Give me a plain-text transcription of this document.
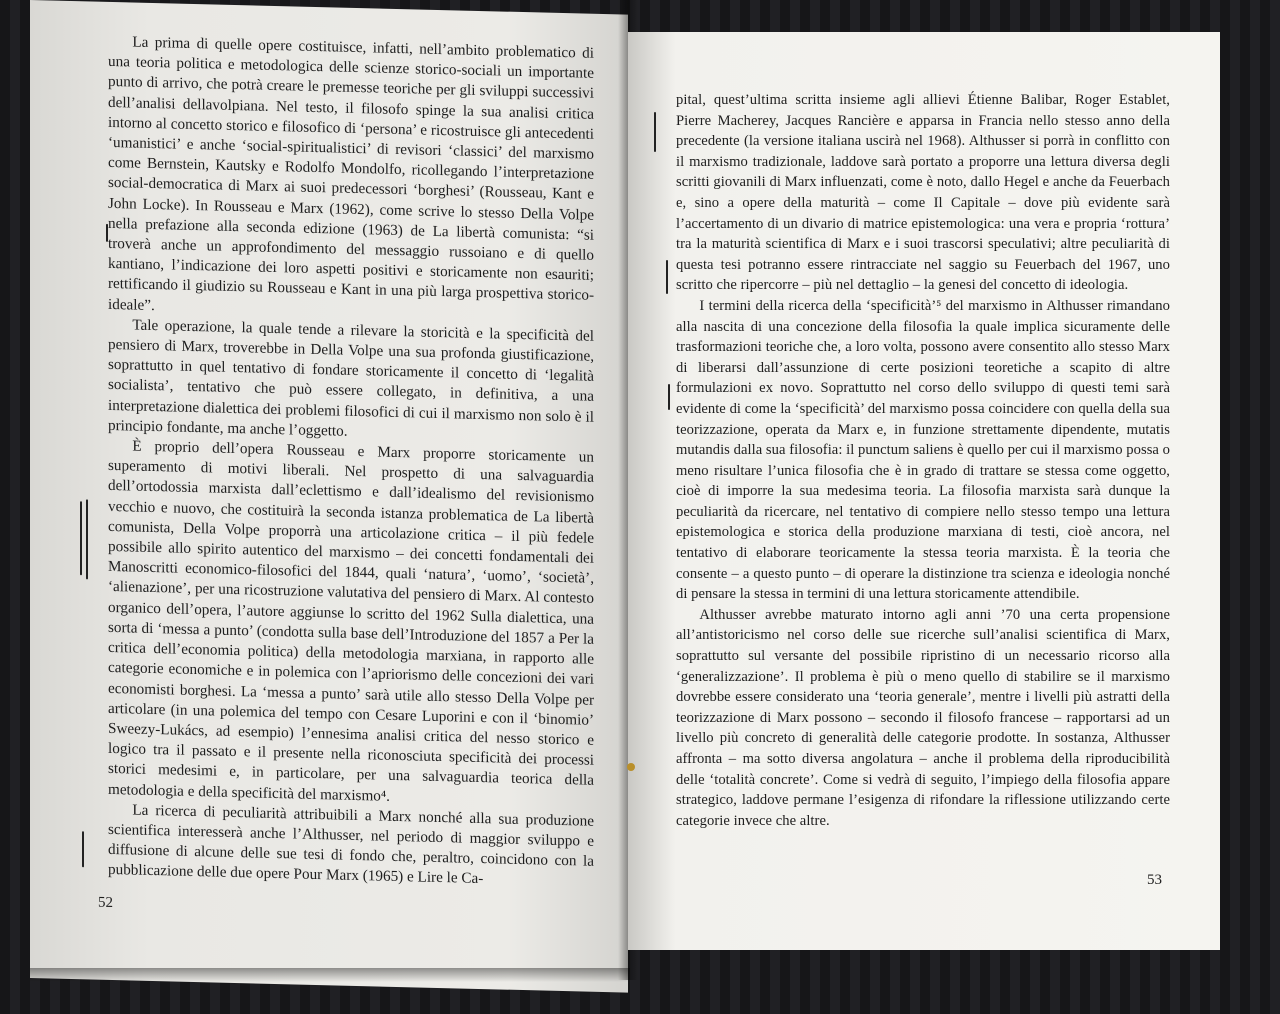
La prima di quelle opere costituisce, infatti, nell’ambito problematico di una teoria politica e metodologica delle scienze storico-sociali un importante punto di arrivo, che potrà creare le premesse teoriche per gli sviluppi successivi dell’analisi dellavolpiana. Nel testo, il filosofo spinge la sua analisi critica intorno al concetto storico e filosofico di ‘persona’ e ricostruisce gli antecedenti ‘umanistici’ e anche ‘social-spiritualistici’ di revisori ‘classici’ del marxismo come Bernstein, Kautsky e Rodolfo Mondolfo, ricollegando l’interpretazione social-democratica di Marx ai suoi predecessori ‘borghesi’ (Rousseau, Kant e John Locke). In Rousseau e Marx (1962), come scrive lo stesso Della Volpe nella prefazione alla seconda edizione (1963) de La libertà comunista: “si troverà anche un approfondimento del messaggio russoiano e di quello kantiano, l’indicazione dei loro aspetti positivi e storicamente non esauriti; rettificando il giudizio su Rousseau e Kant in una più larga prospettiva storico-ideale”.

Tale operazione, la quale tende a rilevare la storicità e la specificità del pensiero di Marx, troverebbe in Della Volpe una sua profonda giustificazione, soprattutto in quel tentativo di fondare storicamente il concetto di ‘legalità socialista’, tentativo che può essere collegato, in definitiva, a una interpretazione dialettica dei problemi filosofici di cui il marxismo non solo è il principio fondante, ma anche l’oggetto.

È proprio dell’opera Rousseau e Marx proporre storicamente un superamento di motivi liberali. Nel prospetto di una salvaguardia dell’ortodossia marxista dall’eclettismo e dall’idealismo del revisionismo vecchio e nuovo, che costituirà la seconda istanza problematica de La libertà comunista, Della Volpe proporrà una articolazione critica – il più fedele possibile allo spirito autentico del marxismo – dei concetti fondamentali dei Manoscritti economico-filosofici del 1844, quali ‘natura’, ‘uomo’, ‘società’, ‘alienazione’, per una ricostruzione valutativa del pensiero di Marx. Al contesto organico dell’opera, l’autore aggiunse lo scritto del 1962 Sulla dialettica, una sorta di ‘messa a punto’ (condotta sulla base dell’Introduzione del 1857 a Per la critica dell’economia politica) della metodologia marxiana, in rapporto alle categorie economiche e in polemica con l’apriorismo delle concezioni dei vari economisti borghesi. La ‘messa a punto’ sarà utile allo stesso Della Volpe per articolare (in una polemica del tempo con Cesare Luporini e con il ‘binomio’ Sweezy-Lukács, ad esempio) l’ennesima analisi critica del nesso storico e logico tra il passato e il presente nella riconosciuta specificità dei processi storici medesimi e, in particolare, per una salvaguardia teorica della metodologia e della specificità del marxismo⁴.

La ricerca di peculiarità attribuibili a Marx nonché alla sua produzione scientifica interesserà anche l’Althusser, nel periodo di maggior sviluppo e diffusione di alcune delle sue tesi di fondo che, peraltro, coincidono con la pubblicazione delle due opere Pour Marx (1965) e Lire le Ca-

52

pital, quest’ultima scritta insieme agli allievi Étienne Balibar, Roger Establet, Pierre Macherey, Jacques Rancière e apparsa in Francia nello stesso anno della precedente (la versione italiana uscirà nel 1968). Althusser si porrà in conflitto con il marxismo tradizionale, laddove sarà portato a proporre una lettura diversa degli scritti giovanili di Marx influenzati, come è noto, dallo Hegel e anche da Feuerbach e, sino a opere della maturità – come Il Capitale – dove più evidente sarà l’accertamento di un divario di matrice epistemologica: una vera e propria ‘rottura’ tra la maturità scientifica di Marx e i suoi trascorsi speculativi; altre peculiarità di questa tesi potranno essere rintracciate nel saggio su Feuerbach del 1967, uno scritto che ripercorre – più nel dettaglio – la genesi del concetto di ideologia.

I termini della ricerca della ‘specificità’⁵ del marxismo in Althusser rimandano alla nascita di una concezione della filosofia la quale implica sicuramente delle trasformazioni teoriche che, a loro volta, possono avere consentito allo stesso Marx di liberarsi dall’assunzione di certe posizioni teoretiche a scapito di altre formulazioni ex novo. Soprattutto nel corso dello sviluppo di questi temi sarà evidente di come la ‘specificità’ del marxismo possa coincidere con quella della sua teorizzazione, operata da Marx e, in funzione strettamente dipendente, mutatis mutandis dalla sua filosofia: il punctum saliens è quello per cui il marxismo possa o meno risultare l’unica filosofia che è in grado di trattare se stessa come oggetto, cioè di imporre la sua medesima teoria. La filosofia marxista sarà dunque la peculiarità da ricercare, nel tentativo di compiere nello stesso tempo una lettura epistemologica e storica della produzione marxiana di testi, cioè ancora, nel tentativo di elaborare teoricamente la stessa teoria marxista. È la teoria che consente – a questo punto – di operare la distinzione tra scienza e ideologia nonché di pensare la stessa in termini di una lettura storicamente attendibile.

Althusser avrebbe maturato intorno agli anni ’70 una certa propensione all’antistoricismo nel corso delle sue ricerche sull’analisi scientifica di Marx, soprattutto sul versante del possibile ripristino di un necessario ricorso alla ‘generalizzazione’. Il problema è più o meno quello di stabilire se il marxismo dovrebbe essere considerato una ‘teoria generale’, mentre i livelli più astratti della teorizzazione di Marx possono – secondo il filosofo francese – rapportarsi ad un livello più concreto di generalità delle categorie prodotte. In sostanza, Althusser affronta – ma sotto diversa angolatura – anche il problema della riproducibilità delle ‘totalità concrete’. Come si vedrà di seguito, l’impiego della filosofia appare strategico, laddove permane l’esigenza di rifondare la riflessione utilizzando certe categorie invece che altre.

53
